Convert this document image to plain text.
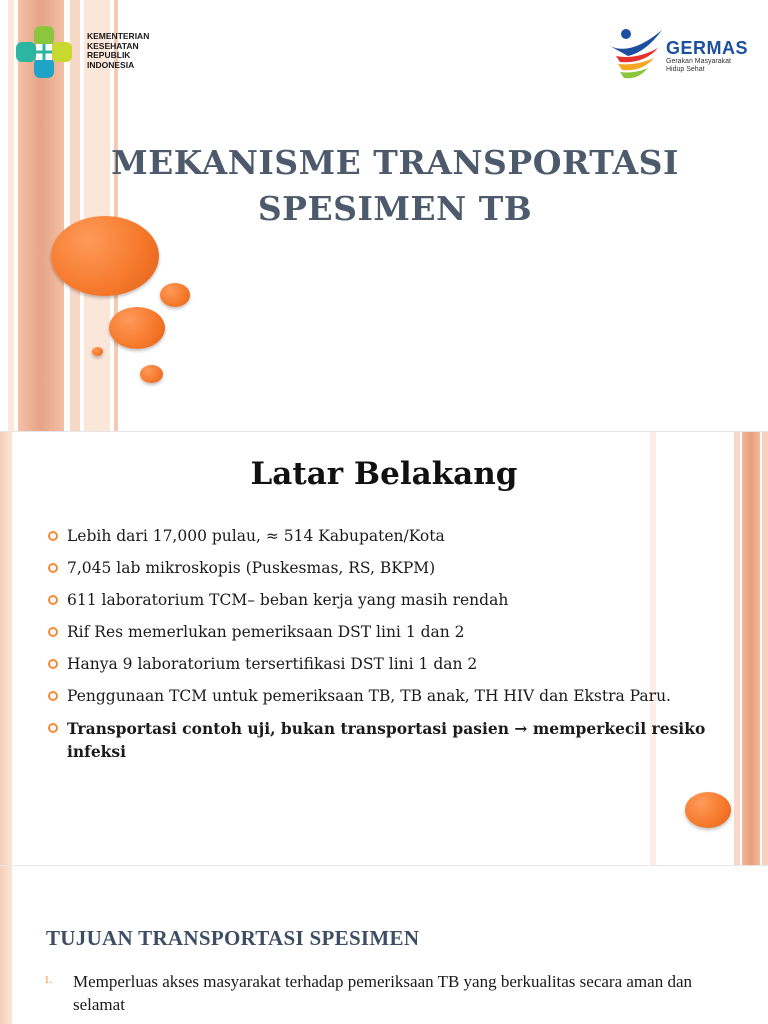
KEMENTERIAN
KESEHATAN
REPUBLIK
INDONESIA
GERMAS
Gerakan Masyarakat
Hidup Sehat
MEKANISME TRANSPORTASI
SPESIMEN TB
Latar Belakang
Lebih dari 17,000 pulau, ≈ 514 Kabupaten/Kota
7,045 lab mikroskopis (Puskesmas, RS, BKPM)
611 laboratorium TCM– beban kerja yang masih rendah
Rif Res memerlukan pemeriksaan DST lini 1 dan 2
Hanya 9 laboratorium tersertifikasi DST lini 1 dan 2
Penggunaan TCM untuk pemeriksaan TB, TB anak, TH HIV dan Ekstra Paru.
Transportasi contoh uji, bukan transportasi pasien → memperkecil resiko infeksi
TUJUAN TRANSPORTASI SPESIMEN
1. Memperluas akses masyarakat terhadap pemeriksaan TB yang berkualitas secara aman dan selamat
